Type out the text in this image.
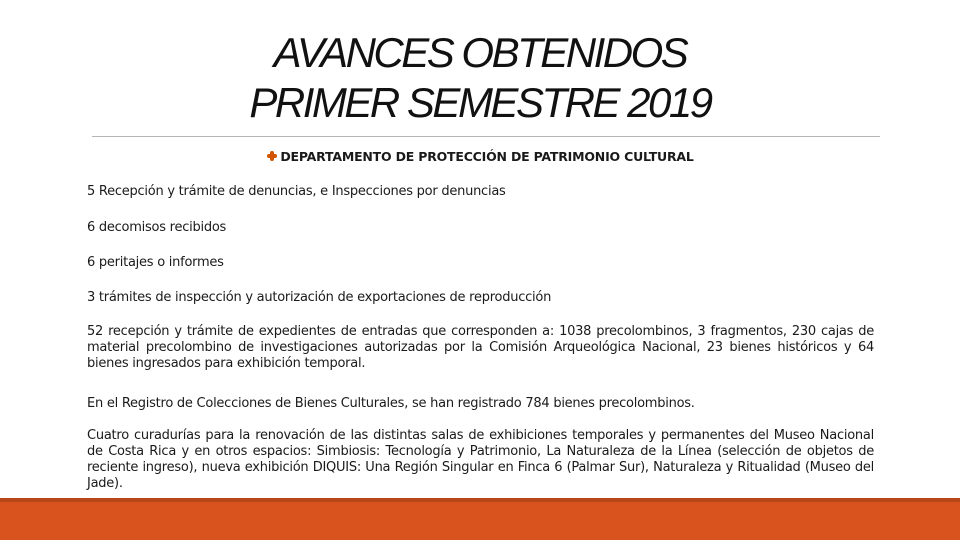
AVANCES OBTENIDOS
PRIMER SEMESTRE 2019
DEPARTAMENTO DE PROTECCIÓN DE PATRIMONIO CULTURAL

5 Recepción y trámite de denuncias, e Inspecciones por denuncias

6 decomisos recibidos

6 peritajes o informes

3 trámites de inspección y autorización de exportaciones de reproducción

52 recepción y trámite de expedientes de entradas que corresponden a: 1038 precolombinos, 3 fragmentos, 230 cajas de material precolombino de investigaciones autorizadas por la Comisión Arqueológica Nacional, 23 bienes históricos y 64 bienes ingresados para exhibición temporal.

En el Registro de Colecciones de Bienes Culturales, se han registrado 784 bienes precolombinos.

Cuatro curadurías para la renovación de las distintas salas de exhibiciones temporales y permanentes del Museo Nacional de Costa Rica y en otros espacios: Simbiosis: Tecnología y Patrimonio, La Naturaleza de la Línea (selección de objetos de reciente ingreso), nueva exhibición DIQUIS: Una Región Singular en Finca 6 (Palmar Sur), Naturaleza y Ritualidad (Museo del Jade).
